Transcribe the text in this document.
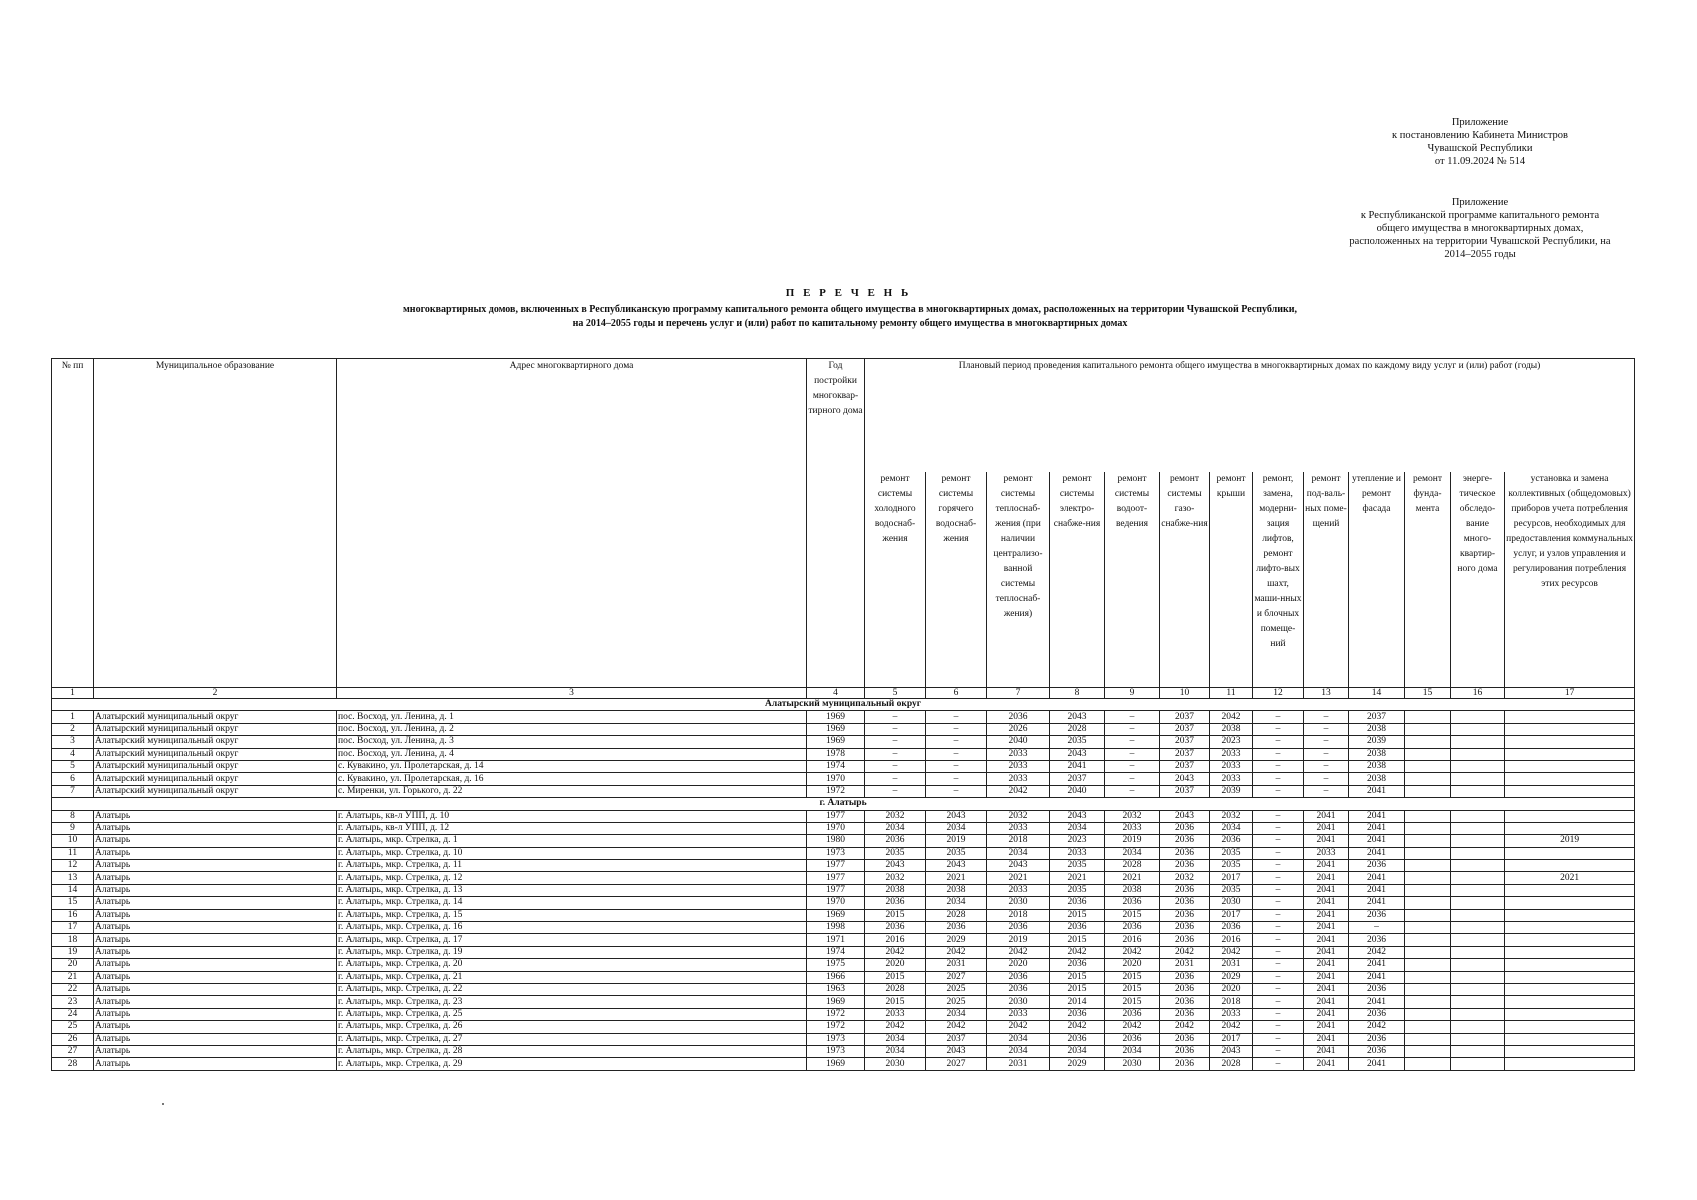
Приложение
к постановлению Кабинета Министров
Чувашской Республики
от 11.09.2024 № 514
Приложение
к Республиканской программе капитального ремонта
общего имущества в многоквартирных домах,
расположенных на территории Чувашской Республики, на
2014–2055 годы
П Е Р Е Ч Е Н Ь
многоквартирных домов, включенных в Республиканскую программу капитального ремонта общего имущества в многоквартирных домах, расположенных на территории Чувашской Республики,
на 2014–2055 годы и перечень услуг и (или) работ по капитальному ремонту общего имущества в многоквартирных домах
№ пп	Муниципальное образование	Адрес многоквартирного дома	Год постройки многоквар-тирного дома	Плановый период проведения капитального ремонта общего имущества в многоквартирных домах по каждому виду услуг и (или) работ (годы)												
				ремонт системы холодного водоснаб-жения	ремонт системы горячего водоснаб-жения	ремонт системы теплоснаб-жения (при наличии централизо-ванной системы теплоснаб-жения)	ремонт системы электро-снабже-ния	ремонт системы водоот-ведения	ремонт системы газо-снабже-ния	ремонт крыши	ремонт, замена, модерни-зация лифтов, ремонт лифто-вых шахт, маши-нных и блочных помеще-ний	ремонт под-валь-ных поме-щений	утепление и ремонт фасада	ремонт фунда-мента	энерге-тическое обследо-вание много-квартир-ного дома	установка и замена коллективных (общедомовых) приборов учета потребления ресурсов, необходимых для предоставления коммунальных услуг, и узлов управления и регулирования потребления этих ресурсов
1	2	3	4	5	6	7	8	9	10	11	12	13	14	15	16	17
Алатырский муниципальный округ																
1	Алатырский муниципальный округ	пос. Восход, ул. Ленина, д. 1	1969	–	–	2036	2043	–	2037	2042	–	–	2037			
2	Алатырский муниципальный округ	пос. Восход, ул. Ленина, д. 2	1969	–	–	2026	2028	–	2037	2038	–	–	2038			
3	Алатырский муниципальный округ	пос. Восход, ул. Ленина, д. 3	1969	–	–	2040	2035	–	2037	2023	–	–	2039			
4	Алатырский муниципальный округ	пос. Восход, ул. Ленина, д. 4	1978	–	–	2033	2043	–	2037	2033	–	–	2038			
5	Алатырский муниципальный округ	с. Кувакино, ул. Пролетарская, д. 14	1974	–	–	2033	2041	–	2037	2033	–	–	2038			
6	Алатырский муниципальный округ	с. Кувакино, ул. Пролетарская, д. 16	1970	–	–	2033	2037	–	2043	2033	–	–	2038			
7	Алатырский муниципальный округ	с. Миренки, ул. Горького, д. 22	1972	–	–	2042	2040	–	2037	2039	–	–	2041			
г. Алатырь																
8	Алатырь	г. Алатырь, кв-л УПП, д. 10	1977	2032	2043	2032	2043	2032	2043	2032	–	2041	2041			
9	Алатырь	г. Алатырь, кв-л УПП, д. 12	1970	2034	2034	2033	2034	2033	2036	2034	–	2041	2041			
10	Алатырь	г. Алатырь, мкр. Стрелка, д. 1	1980	2036	2019	2018	2023	2019	2036	2036	–	2041	2041			2019
11	Алатырь	г. Алатырь, мкр. Стрелка, д. 10	1973	2035	2035	2034	2033	2034	2036	2035	–	2033	2041			
12	Алатырь	г. Алатырь, мкр. Стрелка, д. 11	1977	2043	2043	2043	2035	2028	2036	2035	–	2041	2036			
13	Алатырь	г. Алатырь, мкр. Стрелка, д. 12	1977	2032	2021	2021	2021	2021	2032	2017	–	2041	2041			2021
14	Алатырь	г. Алатырь, мкр. Стрелка, д. 13	1977	2038	2038	2033	2035	2038	2036	2035	–	2041	2041			
15	Алатырь	г. Алатырь, мкр. Стрелка, д. 14	1970	2036	2034	2030	2036	2036	2036	2030	–	2041	2041			
16	Алатырь	г. Алатырь, мкр. Стрелка, д. 15	1969	2015	2028	2018	2015	2015	2036	2017	–	2041	2036			
17	Алатырь	г. Алатырь, мкр. Стрелка, д. 16	1998	2036	2036	2036	2036	2036	2036	2036	–	2041	–			
18	Алатырь	г. Алатырь, мкр. Стрелка, д. 17	1971	2016	2029	2019	2015	2016	2036	2016	–	2041	2036			
19	Алатырь	г. Алатырь, мкр. Стрелка, д. 19	1974	2042	2042	2042	2042	2042	2042	2042	–	2041	2042			
20	Алатырь	г. Алатырь, мкр. Стрелка, д. 20	1975	2020	2031	2020	2036	2020	2031	2031	–	2041	2041			
21	Алатырь	г. Алатырь, мкр. Стрелка, д. 21	1966	2015	2027	2036	2015	2015	2036	2029	–	2041	2041			
22	Алатырь	г. Алатырь, мкр. Стрелка, д. 22	1963	2028	2025	2036	2015	2015	2036	2020	–	2041	2036			
23	Алатырь	г. Алатырь, мкр. Стрелка, д. 23	1969	2015	2025	2030	2014	2015	2036	2018	–	2041	2041			
24	Алатырь	г. Алатырь, мкр. Стрелка, д. 25	1972	2033	2034	2033	2036	2036	2036	2033	–	2041	2036			
25	Алатырь	г. Алатырь, мкр. Стрелка, д. 26	1972	2042	2042	2042	2042	2042	2042	2042	–	2041	2042			
26	Алатырь	г. Алатырь, мкр. Стрелка, д. 27	1973	2034	2037	2034	2036	2036	2036	2017	–	2041	2036			
27	Алатырь	г. Алатырь, мкр. Стрелка, д. 28	1973	2034	2043	2034	2034	2034	2036	2043	–	2041	2036			
28	Алатырь	г. Алатырь, мкр. Стрелка, д. 29	1969	2030	2027	2031	2029	2030	2036	2028	–	2041	2041			
